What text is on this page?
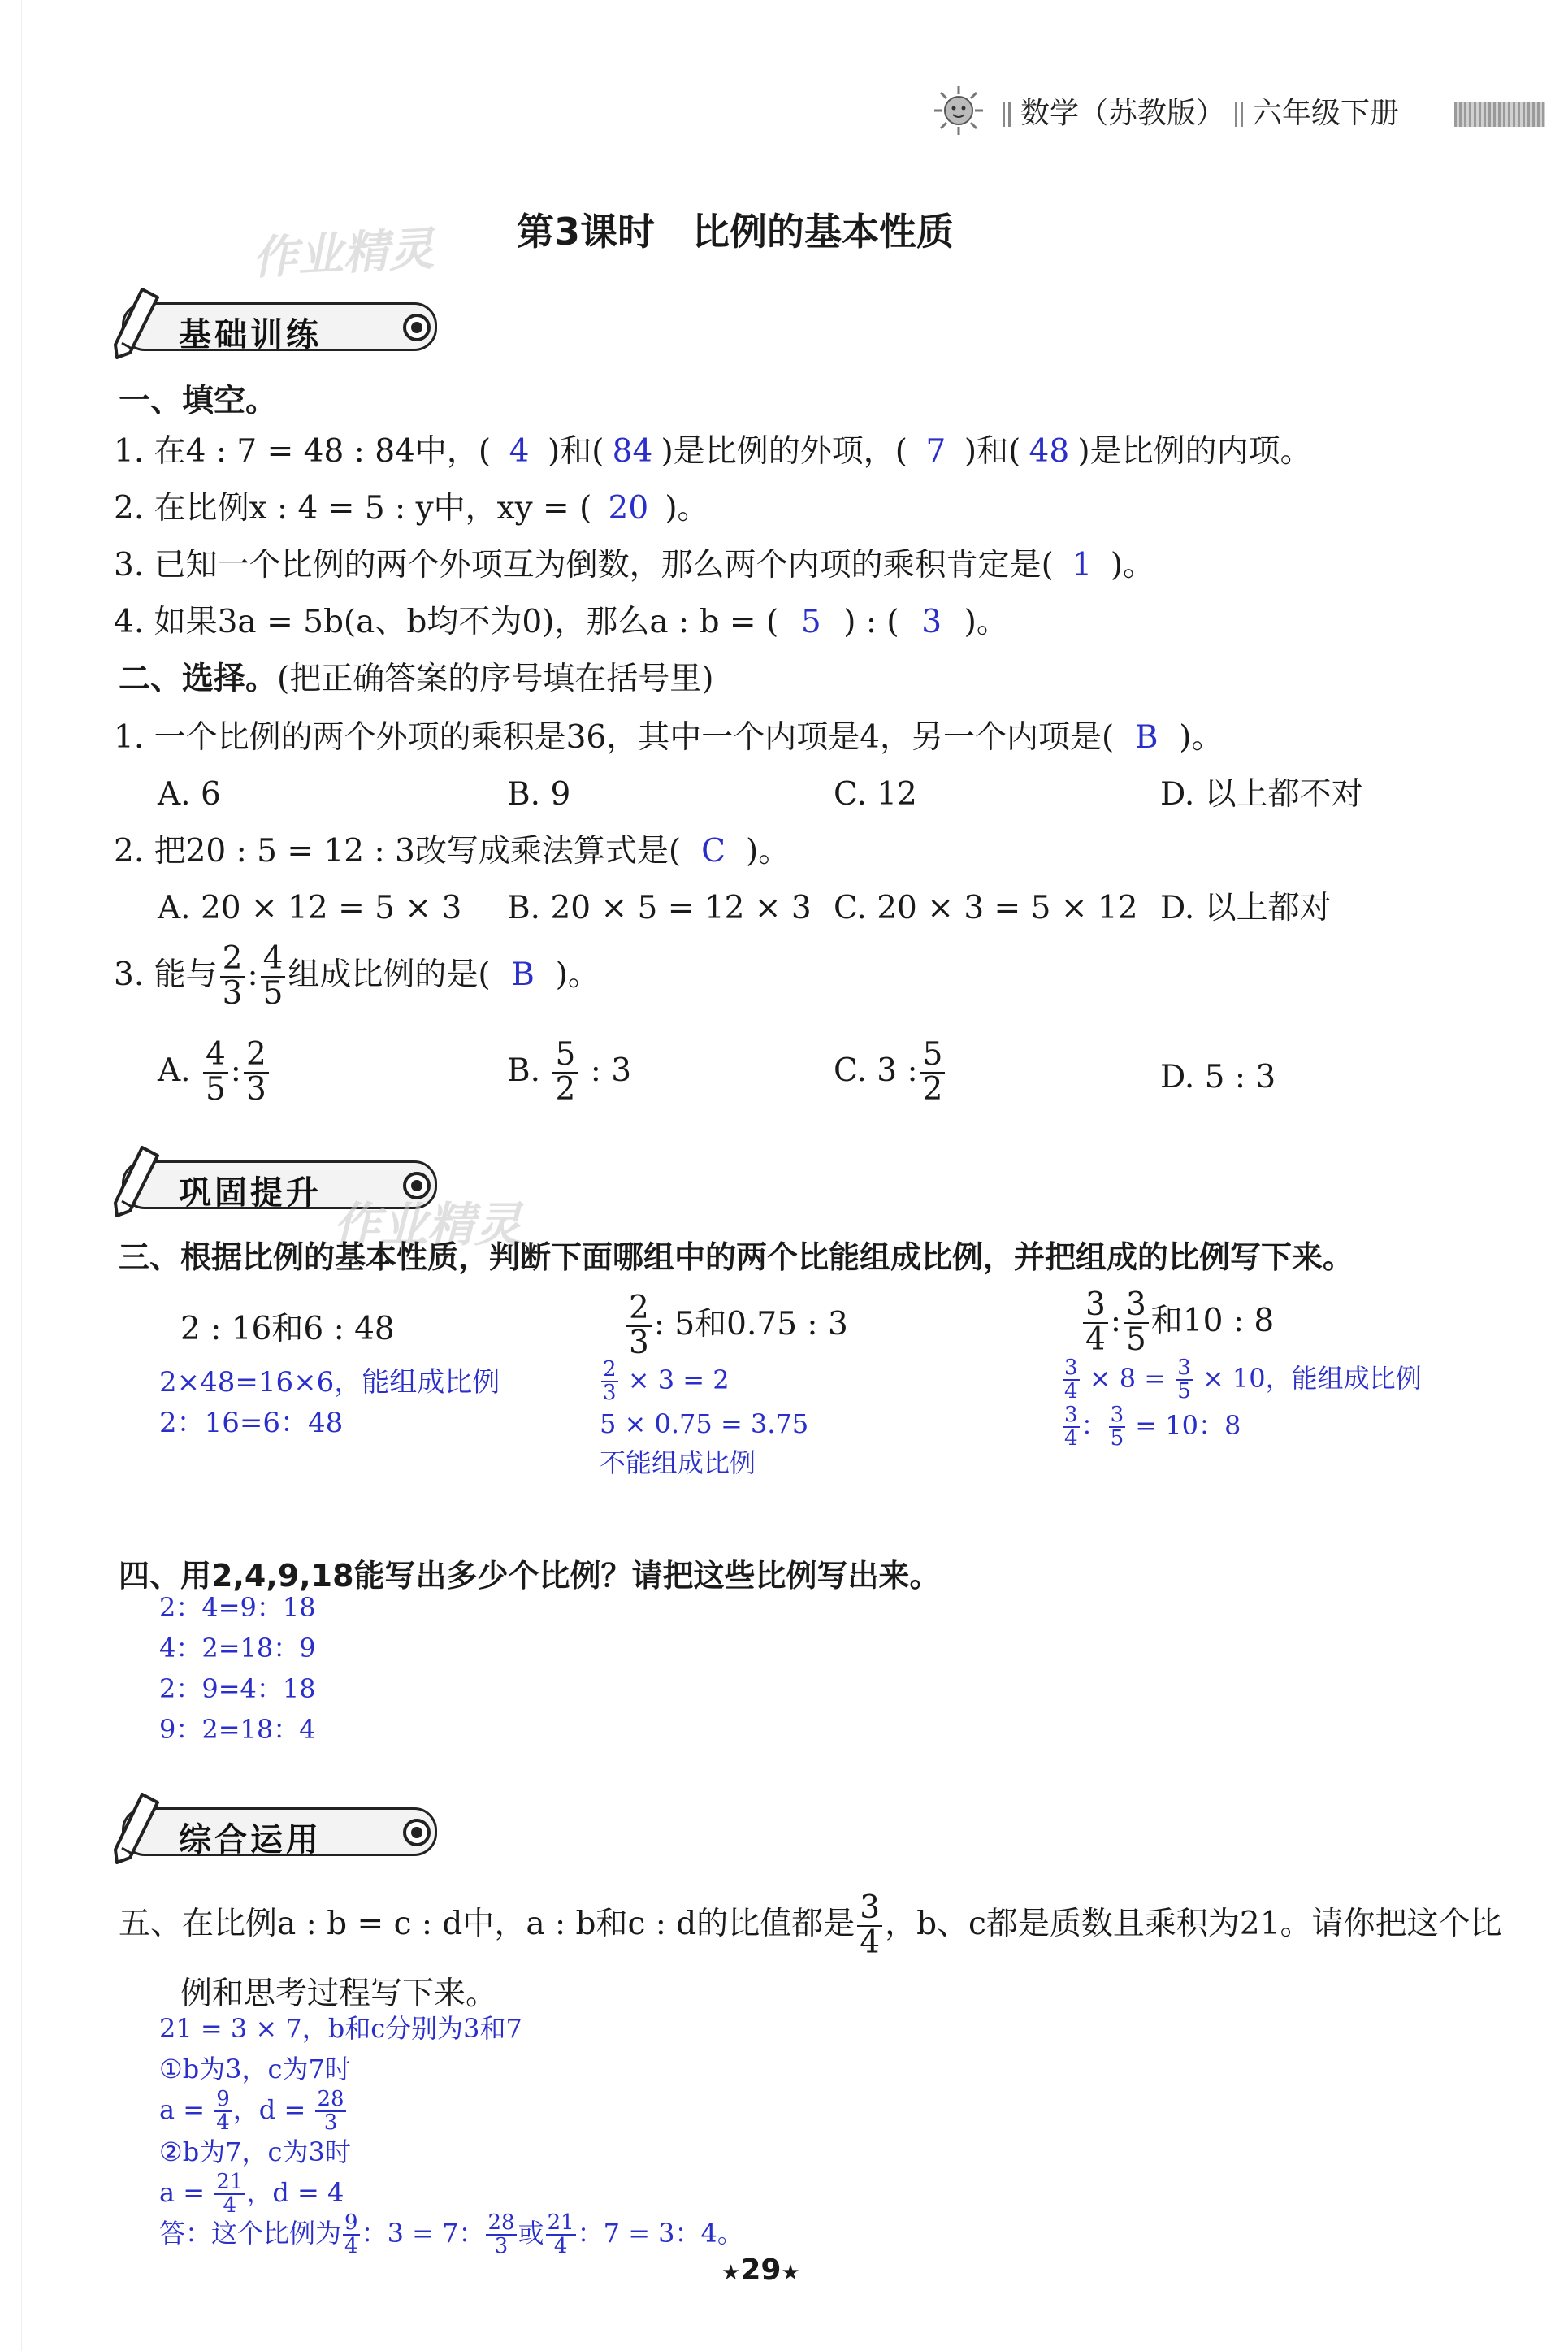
数学（苏教版） 六年级下册
作业精灵 第3课时　比例的基本性质
基础训练
一、填空。
1. 在4 : 7 = 48 : 84中，( 4 )和( 84 )是比例的外项，( 7 )和( 48 )是比例的内项。
2. 在比例x : 4 = 5 : y中，xy = ( 20 )。
3. 已知一个比例的两个外项互为倒数，那么两个内项的乘积肯定是( 1 )。
4. 如果3a = 5b(a、b均不为0)，那么a : b = ( 5 ) : ( 3 )。
二、选择。(把正确答案的序号填在括号里)
1. 一个比例的两个外项的乘积是36，其中一个内项是4，另一个内项是( B )。
A. 6	B. 9	C. 12	D. 以上都不对
2. 把20 : 5 = 12 : 3改写成乘法算式是( C )。
A. 20 × 12 = 5 × 3 B. 20 × 5 = 12 × 3 C. 20 × 3 = 5 × 12 D. 以上都对
3. 能与 $\frac{2}{3}$ : $\frac{4}{5}$ 组成比例的是( B )。
A. $\frac{4}{5}$ : $\frac{2}{3}$	B. $\frac{5}{2}$ : 3	C. 3 : $\frac{5}{2}$	D. 5 : 3
巩固提升
作业精灵
三、根据比例的基本性质，判断下面哪组中的两个比能组成比例，并把组成的比例写下来。
2 : 16和6 : 48
2×48=16×6，能组成比例
2：16=6：48
$\frac{2}{3}$ : 5和0.75 : 3
$\frac{2}{3} \times 3 = 2$
5 × 0.75 = 3.75
不能组成比例
$\frac{3}{4}$ : $\frac{3}{5}$ 和10 : 8
$\frac{3}{4} \times 8 = \frac{3}{5} \times 10$，能组成比例
$\frac{3}{4}$ ： $\frac{3}{5} = 10$：8
四、用2,4,9,18能写出多少个比例？请把这些比例写出来。
2：4=9：18
4：2=18：9
2：9=4：18
9：2=18：4
综合运用
五、在比例a : b = c : d中，a : b和c : d的比值都是 $\frac{3}{4}$ ，b、c都是质数且乘积为21。请你把这个比
例和思考过程写下来。
21 = 3 × 7，b和c分别为3和7
①b为3，c为7时
$a = \frac{9}{4}$ ，$d = \frac{28}{3}$
②b为7，c为3时
$a = \frac{21}{4}$ ，d = 4
答：这个比例为 $\frac{9}{4}$ ：3 = 7： $\frac{28}{3}$ 或 $\frac{21}{4}$ ：7 = 3：4。
★29★
